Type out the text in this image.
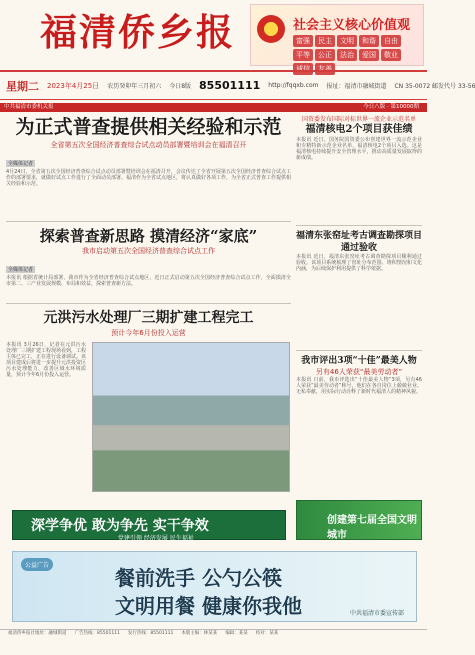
福清侨乡报	社会主义核心价值观
富强	民主	文明	和谐	自由
平等	公正	法治	爱国	敬业
诚信	友善
星期二 2023年4月25日 农历癸卯年三月初六 今日8版 85501111 http://fqqxb.com 报址：福清市融城街道 CN 35-0072 邮发代号 33-56
中共福清市委机关报	今日八版 · 第10000期
为正式普查提供相关经验和示范
全省第五次全国经济普查综合试点动员部署暨培训会在福清召开
全媒体记者
4月24日，全省第五次全国经济普查综合试点动员部署暨培训会在福清召开，会议传达了全省开展第五次全国经济普查综合试点工作的部署要求，就做好试点工作进行了全面动员部署。福清作为全省试点地区，将认真做好各项工作，为全省正式普查工作提供相关经验和示范。
探索普查新思路 摸清经济“家底”
我市启动第五次全国经济普查综合试点工作
全媒体记者
本报讯 根据省统计局部署，我市作为全省经济普查综合试点地区，近日正式启动第五次全国经济普查综合试点工作，全面摸清全市第二、三产业发展规模、布局和效益，探索普查新方法。
元洪污水处理厂三期扩建工程完工
预计今年6月份投入运营
本报讯 3月26日，记者在元洪污水处理厂三期扩建工程现场看到，工程主体已完工，正在进行设备调试。该项目建成后将进一步提升元洪投资区污水处理能力，改善区域水环境质量，预计今年6月份投入运营。
深学争优 敢为争先 实干争效
党建引领 经济发展 民生福祉
国资委发布国际对标世界一流企业示范名单
福清核电2个项目获佳绩
本报讯 近日，国务院国资委公布创建世界一流示范企业和专精特新示范企业名单，福清核电2个项目入选。这是福清核电持续提升安全管理水平，推动高质量发展取得的新成绩。
福清东张窑址考古调查勘探项目通过验收
本报讯 近日，福清东张窑址考古调查勘探项目顺利通过验收。该项目系统梳理了窑址分布范围、堆积情况和文化内涵，为后续保护利用提供了科学依据。
我市评出3项“十佳”最美人物
另有46人荣获“最美劳动者”
本报讯 日前，我市评选出“十佳最美人物”3项，另有46人荣获“最美劳动者”称号，他们在各自岗位上兢兢业业、无私奉献，用实际行动诠释了新时代福清人的精神风貌。
创建第七届全国文明城市
公益广告
餐前洗手 公勺公筷
文明用餐 健康你我他	中共福清市委宣传部
福清侨乡报社地址：融城街道 广告热线：85501111 发行热线：85501111 本版主编：林某某 编辑：某某 校对：某某
